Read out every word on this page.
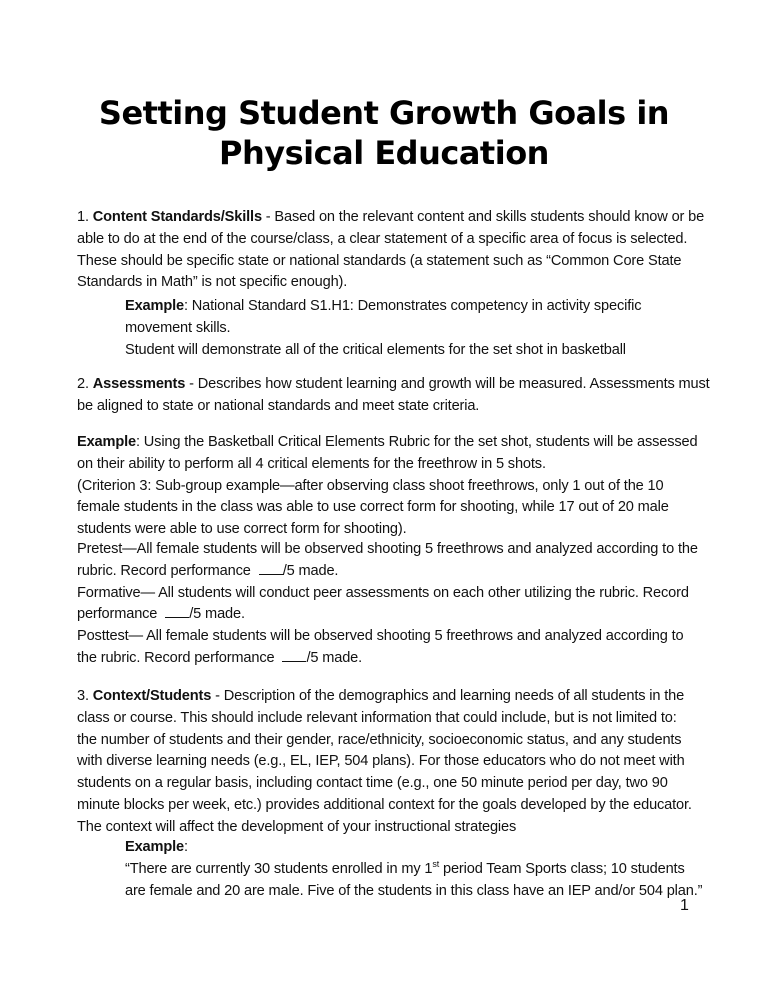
Setting Student Growth Goals in
Physical Education
1. Content Standards/Skills - Based on the relevant content and skills students should know or be
able to do at the end of the course/class, a clear statement of a specific area of focus is selected.
These should be specific state or national standards (a statement such as “Common Core State
Standards in Math” is not specific enough).
Example: National Standard S1.H1: Demonstrates competency in activity specific
movement skills.
Student will demonstrate all of the critical elements for the set shot in basketball
2. Assessments - Describes how student learning and growth will be measured. Assessments must
be aligned to state or national standards and meet state criteria.
Example: Using the Basketball Critical Elements Rubric for the set shot, students will be assessed
on their ability to perform all 4 critical elements for the freethrow in 5 shots.
(Criterion 3: Sub-group example—after observing class shoot freethrows, only 1 out of the 10
female students in the class was able to use correct form for shooting, while 17 out of 20 male
students were able to use correct form for shooting).
Pretest—All female students will be observed shooting 5 freethrows and analyzed according to the
rubric. Record performance /5 made.
Formative— All students will conduct peer assessments on each other utilizing the rubric. Record
performance /5 made.
Posttest— All female students will be observed shooting 5 freethrows and analyzed according to
the rubric. Record performance /5 made.
3. Context/Students - Description of the demographics and learning needs of all students in the
class or course. This should include relevant information that could include, but is not limited to:
the number of students and their gender, race/ethnicity, socioeconomic status, and any students
with diverse learning needs (e.g., EL, IEP, 504 plans). For those educators who do not meet with
students on a regular basis, including contact time (e.g., one 50 minute period per day, two 90
minute blocks per week, etc.) provides additional context for the goals developed by the educator.
The context will affect the development of your instructional strategies
Example:
“There are currently 30 students enrolled in my 1st period Team Sports class; 10 students
are female and 20 are male. Five of the students in this class have an IEP and/or 504 plan.”
1
